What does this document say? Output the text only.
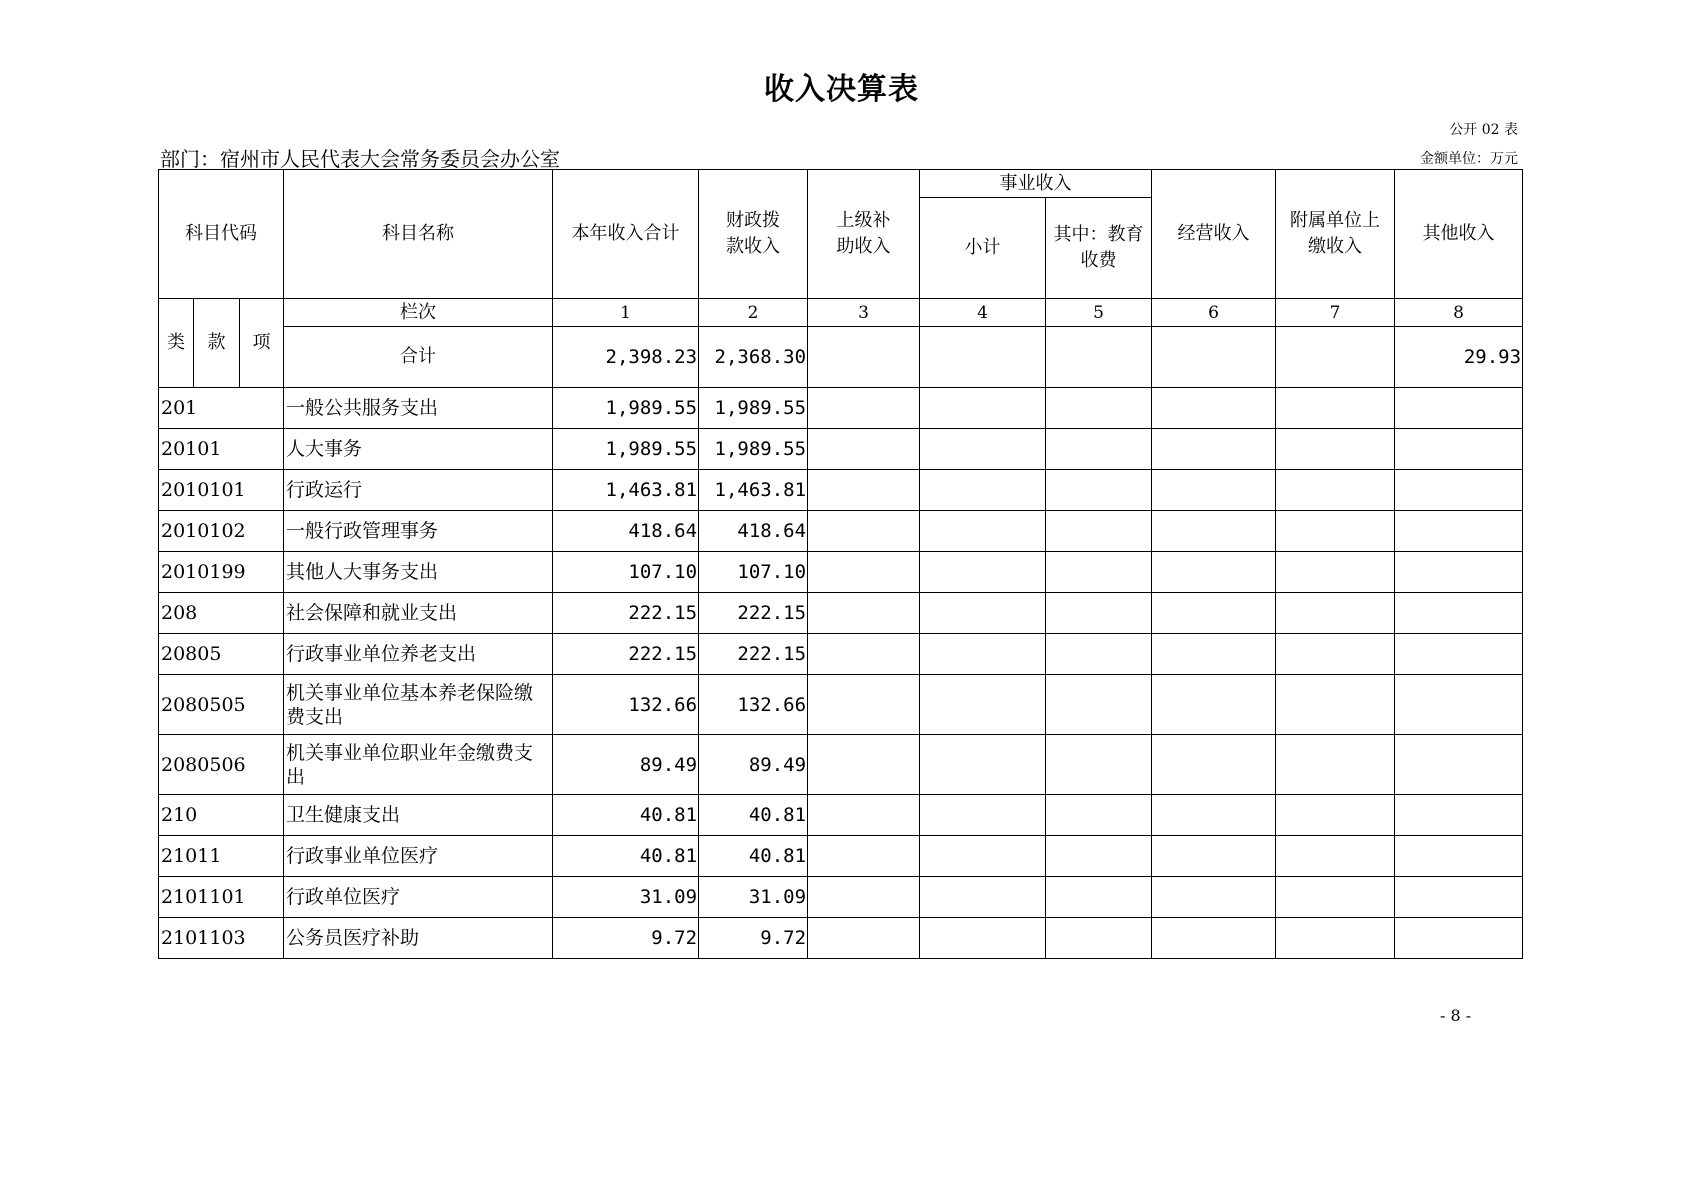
收入决算表
公开 02 表
部门：宿州市人民代表大会常务委员会办公室	金额单位：万元
科目代码			科目名称	本年收入合计	财政拨款收入	上级补助收入	事业收入		经营收入	附属单位上缴收入	其他收入
							小计	其中：教育收费			

类	款	项	栏次	1	2	3	4	5	6	7	8
			合计	2,398.23	2,368.30						29.93
201			一般公共服务支出	1,989.55	1,989.55						
20101			人大事务	1,989.55	1,989.55						
2010101			行政运行	1,463.81	1,463.81						
2010102			一般行政管理事务	418.64	418.64						
2010199			其他人大事务支出	107.10	107.10						
208			社会保障和就业支出	222.15	222.15						
20805			行政事业单位养老支出	222.15	222.15						
2080505			机关事业单位基本养老保险缴费支出	132.66	132.66						
2080506			机关事业单位职业年金缴费支出	89.49	89.49						
210			卫生健康支出	40.81	40.81						
21011			行政事业单位医疗	40.81	40.81						
2101101			行政单位医疗	31.09	31.09						
2101103			公务员医疗补助	9.72	9.72						
- 8 -
